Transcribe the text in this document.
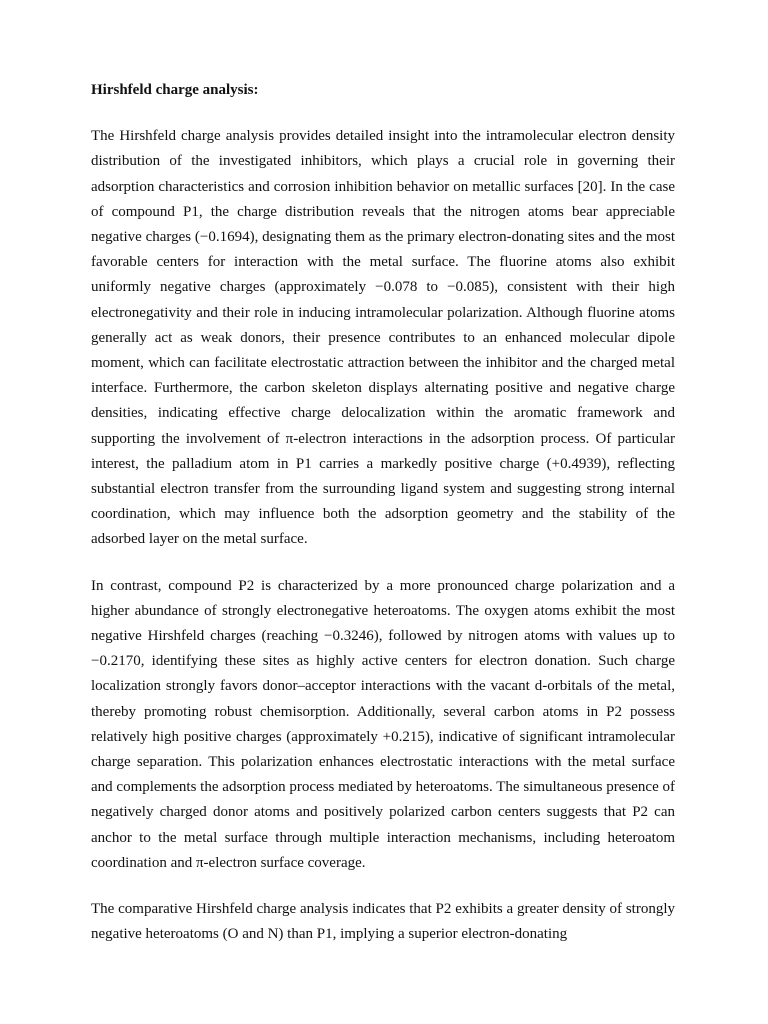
Hirshfeld charge analysis:

The Hirshfeld charge analysis provides detailed insight into the intramolecular electron density distribution of the investigated inhibitors, which plays a crucial role in governing their adsorption characteristics and corrosion inhibition behavior on metallic surfaces [20]. In the case of compound P1, the charge distribution reveals that the nitrogen atoms bear appreciable negative charges (−0.1694), designating them as the primary electron-donating sites and the most favorable centers for interaction with the metal surface. The fluorine atoms also exhibit uniformly negative charges (approximately −0.078 to −0.085), consistent with their high electronegativity and their role in inducing intramolecular polarization. Although fluorine atoms generally act as weak donors, their presence contributes to an enhanced molecular dipole moment, which can facilitate electrostatic attraction between the inhibitor and the charged metal interface. Furthermore, the carbon skeleton displays alternating positive and negative charge densities, indicating effective charge delocalization within the aromatic framework and supporting the involvement of π-electron interactions in the adsorption process. Of particular interest, the palladium atom in P1 carries a markedly positive charge (+0.4939), reflecting substantial electron transfer from the surrounding ligand system and suggesting strong internal coordination, which may influence both the adsorption geometry and the stability of the adsorbed layer on the metal surface.

In contrast, compound P2 is characterized by a more pronounced charge polarization and a higher abundance of strongly electronegative heteroatoms. The oxygen atoms exhibit the most negative Hirshfeld charges (reaching −0.3246), followed by nitrogen atoms with values up to −0.2170, identifying these sites as highly active centers for electron donation. Such charge localization strongly favors donor–acceptor interactions with the vacant d-orbitals of the metal, thereby promoting robust chemisorption. Additionally, several carbon atoms in P2 possess relatively high positive charges (approximately +0.215), indicative of significant intramolecular charge separation. This polarization enhances electrostatic interactions with the metal surface and complements the adsorption process mediated by heteroatoms. The simultaneous presence of negatively charged donor atoms and positively polarized carbon centers suggests that P2 can anchor to the metal surface through multiple interaction mechanisms, including heteroatom coordination and π-electron surface coverage.

The comparative Hirshfeld charge analysis indicates that P2 exhibits a greater density of strongly negative heteroatoms (O and N) than P1, implying a superior electron-donating
